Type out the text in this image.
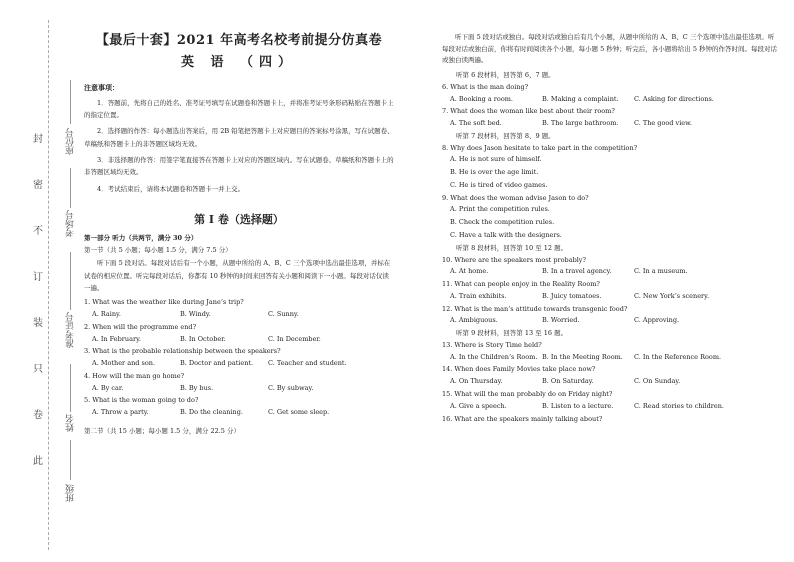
封
密
不
订
装
只
卷
此
座位号
考场号
准考证号
姓名
班级
【最后十套】2021 年高考名校考前提分仿真卷
英 语 （四）
注意事项：

1．答题前，先将自己的姓名、准考证号填写在试题卷和答题卡上，并将准考证号条形码粘贴在答题卡上的指定位置。

2．选择题的作答：每小题选出答案后，用 2B 铅笔把答题卡上对应题目的答案标号涂黑，写在试题卷、草稿纸和答题卡上的非答题区域均无效。

3．非选择题的作答：用签字笔直接答在答题卡上对应的答题区域内。写在试题卷、草稿纸和答题卡上的非答题区域均无效。

4．考试结束后，请将本试题卷和答题卡一并上交。

第 Ⅰ 卷（选择题）
第一部分 听力（共两节，满分 30 分）
第一节（共 5 小题；每小题 1.5 分，满分 7.5 分）

听下面 5 段对话。每段对话后有一个小题，从题中所给的 A、B、C 三个选项中选出最佳选项，并标在试卷的相应位置。听完每段对话后，你都有 10 秒钟的时间来回答有关小题和阅读下一小题。每段对话仅读一遍。

1. What was the weather like during Jane’s trip?
A. Rainy.	B. Windy.	C. Sunny.
2. When will the programme end?
A. In February.	B. In October.	C. In December.
3. What is the probable relationship between the speakers?
A. Mother and son.	B. Doctor and patient.	C. Teacher and student.
4. How will the man go home?
A. By car.	B. By bus.	C. By subway.
5. What is the woman going to do?
A. Throw a party.	B. Do the cleaning.	C. Get some sleep.
第二节（共 15 小题；每小题 1.5 分，满分 22.5 分）

听下面 5 段对话或独白。每段对话或独白后有几个小题，从题中所给的 A、B、C 三个选项中选出最佳选项。听每段对话或独白前，你将有时间阅读各个小题，每小题 5 秒钟；听完后，各小题将给出 5 秒钟的作答时间。每段对话或独白读两遍。

听第 6 段材料，回答第 6、7 题。
6. What is the man doing?
A. Booking a room.	B. Making a complaint.	C. Asking for directions.
7. What does the woman like best about their room?
A. The soft bed.	B. The large bathroom.	C. The good view.
听第 7 段材料，回答第 8、9 题。
8. Why does Jason hesitate to take part in the competition?
A. He is not sure of himself.
B. He is over the age limit.
C. He is tired of video games.
9. What does the woman advise Jason to do?
A. Print the competition rules.
B. Check the competition rules.
C. Have a talk with the designers.
听第 8 段材料，回答第 10 至 12 题。
10. Where are the speakers most probably?
A. At home.	B. In a travel agency.	C. In a museum.
11. What can people enjoy in the Reality Room?
A. Train exhibits.	B. Juicy tomatoes.	C. New York’s scenery.
12. What is the man’s attitude towards transgenic food?
A. Ambiguous.	B. Worried.	C. Approving.
听第 9 段材料，回答第 13 至 16 题。
13. Where is Story Time held?
A. In the Children’s Room. B. In the Meeting Room.	C. In the Reference Room.
14. When does Family Movies take place now?
A. On Thursday.	B. On Saturday.	C. On Sunday.
15. What will the man probably do on Friday night?
A. Give a speech.	B. Listen to a lecture.	C. Read stories to children.
16. What are the speakers mainly talking about?
